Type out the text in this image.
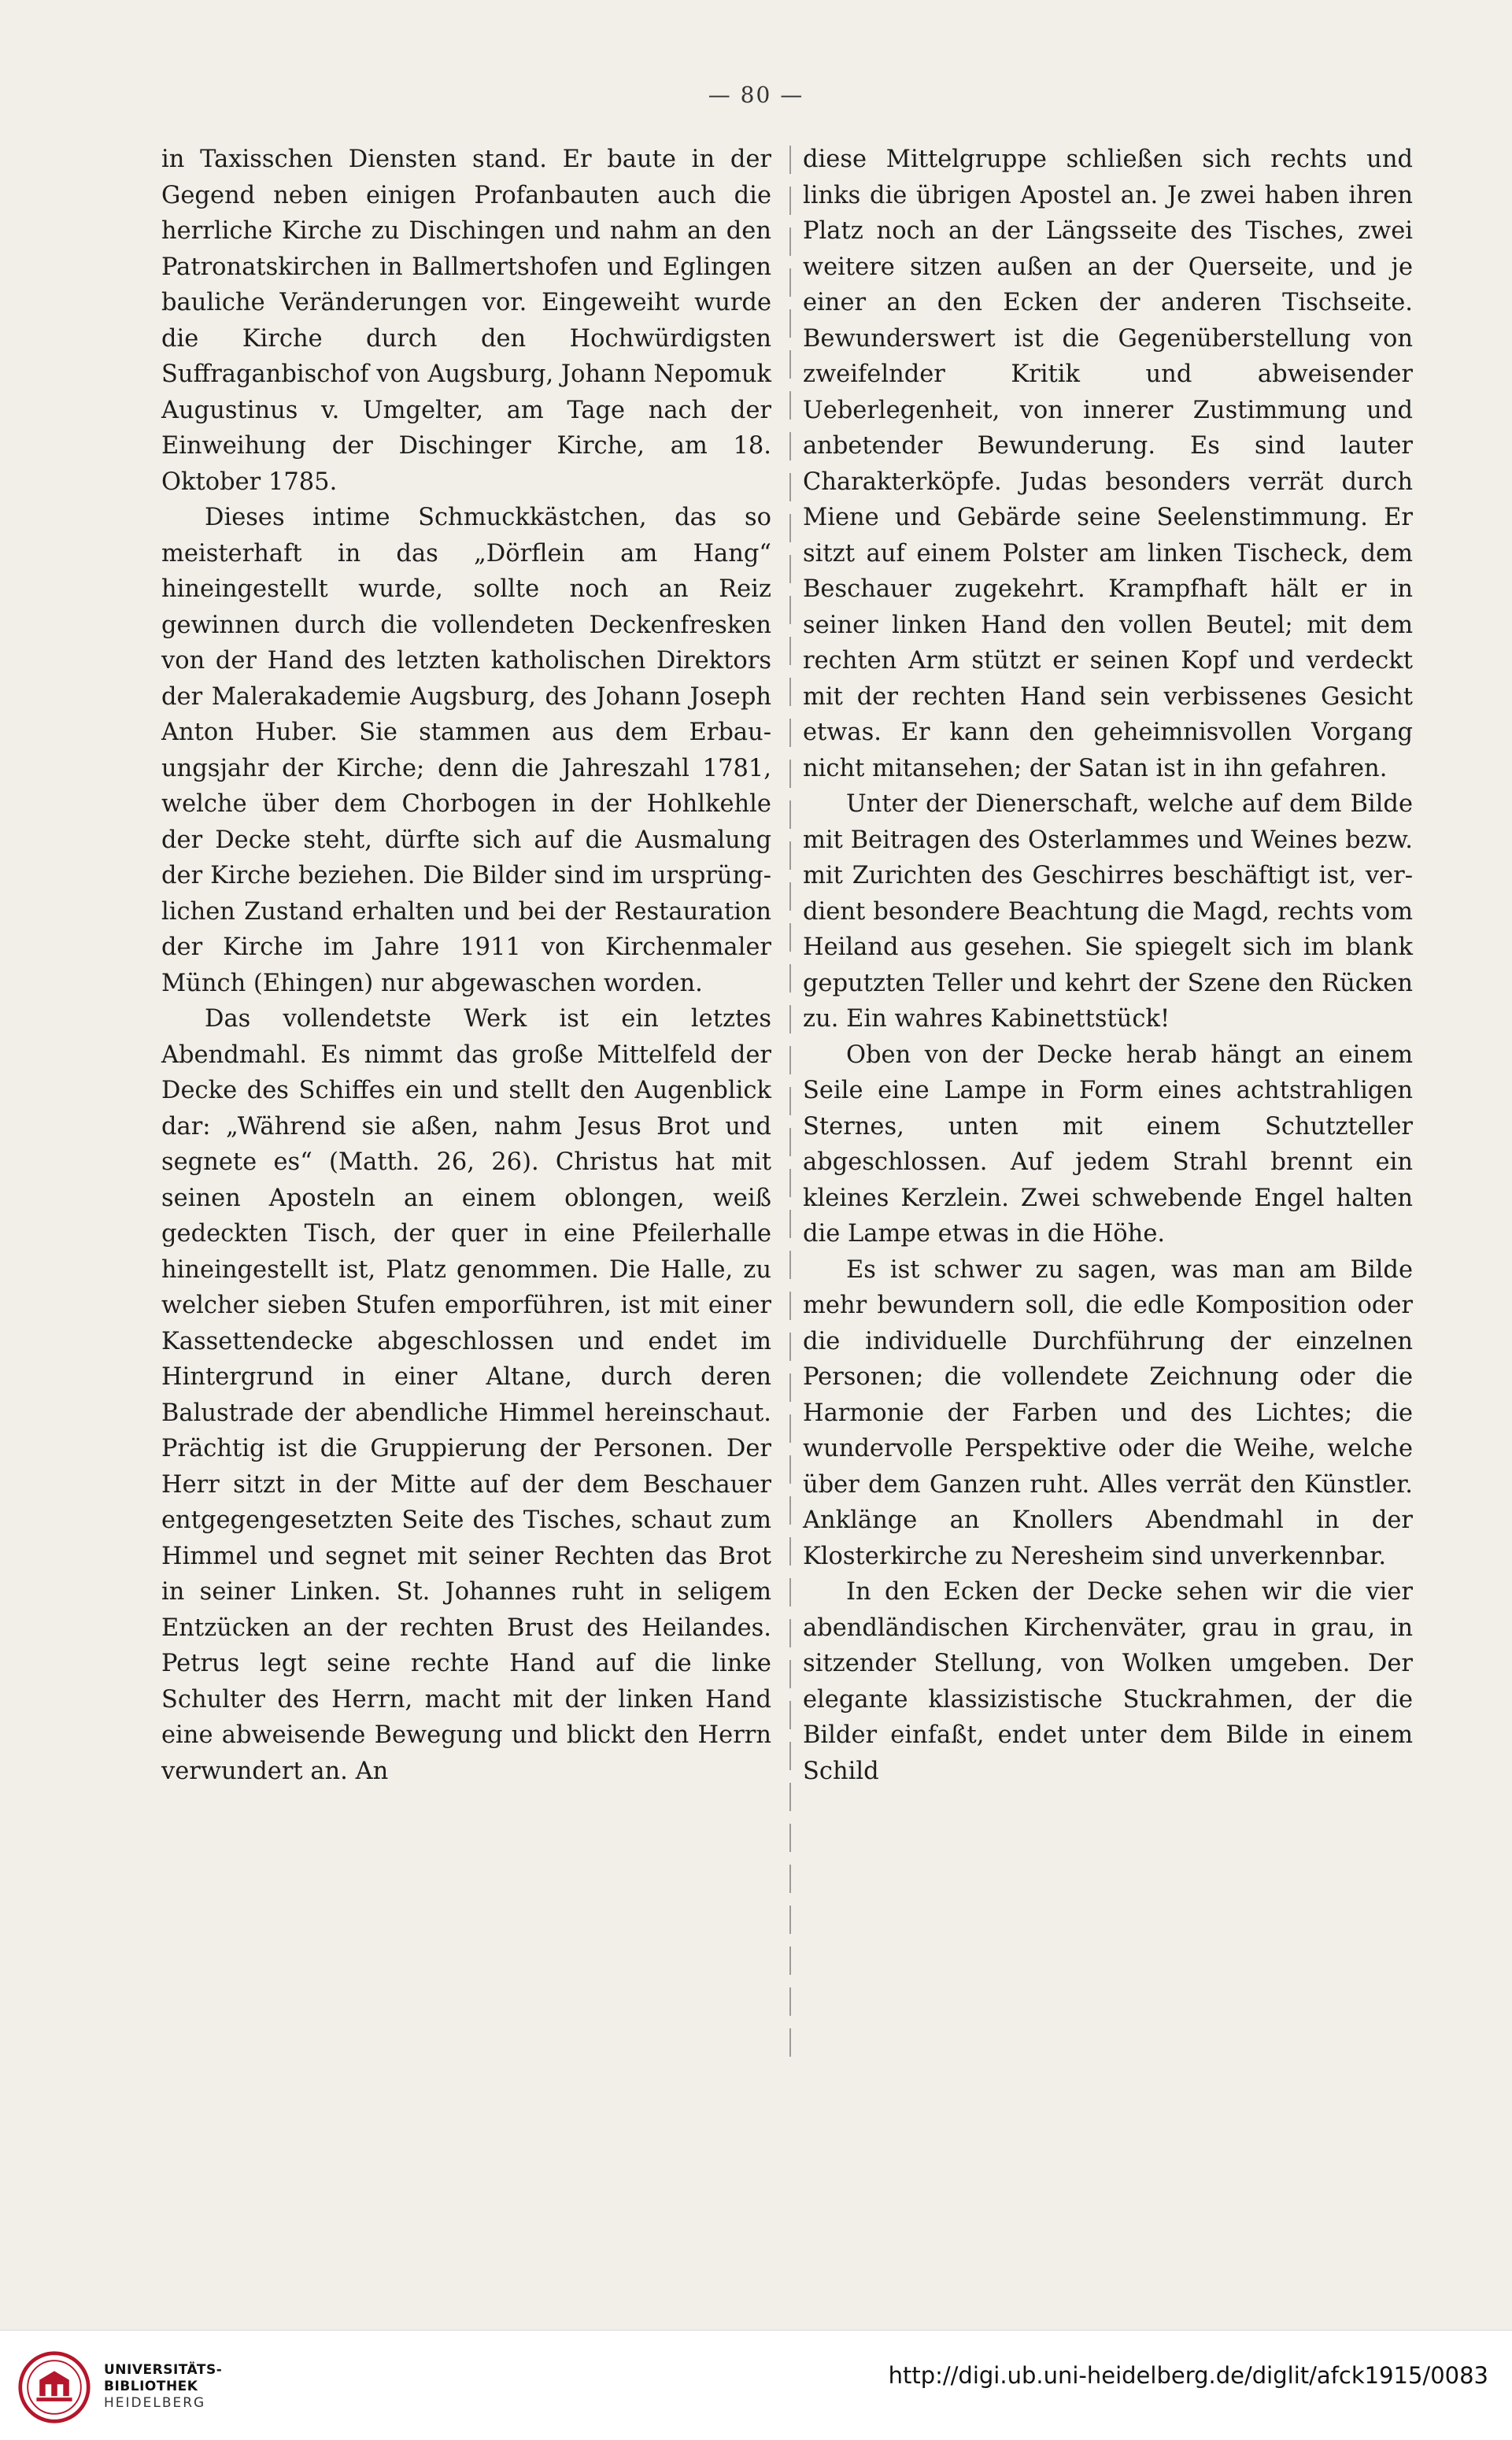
— 80 —

in Taxisschen Diensten stand. Er baute in der Gegend neben einigen Profanbauten auch die herrliche Kirche zu Dischingen und nahm an den Patronatskirchen in Ballmertshofen und Eglingen bauliche Veränderungen vor. Eingeweiht wurde die Kirche durch den Hochwürdigsten Suffraganbischof von Augsburg, Johann Nepomuk Augustinus v. Umgelter, am Tage nach der Einweihung der Dischinger Kirche, am 18. Oktober 1785.

Dieses intime Schmuckkästchen, das so meisterhaft in das „Dörflein am Hang“ hineingestellt wurde, sollte noch an Reiz gewinnen durch die vollendeten Deckenfresken von der Hand des letzten katholischen Direktors der Malerakademie Augsburg, des Johann Joseph Anton Huber. Sie stammen aus dem Erbauungsjahr der Kirche; denn die Jahreszahl 1781, welche über dem Chorbogen in der Hohlkehle der Decke steht, dürfte sich auf die Ausmalung der Kirche beziehen. Die Bilder sind im ursprünglichen Zustand erhalten und bei der Restauration der Kirche im Jahre 1911 von Kirchenmaler Münch (Ehingen) nur abgewaschen worden.

Das vollendetste Werk ist ein letztes Abendmahl. Es nimmt das große Mittelfeld der Decke des Schiffes ein und stellt den Augenblick dar: „Während sie aßen, nahm Jesus Brot und segnete es“ (Matth. 26, 26). Christus hat mit seinen Aposteln an einem oblongen, weiß gedeckten Tisch, der quer in eine Pfeilerhalle hineingestellt ist, Platz genommen. Die Halle, zu welcher sieben Stufen emporführen, ist mit einer Kassettendecke abgeschlossen und endet im Hintergrund in einer Altane, durch deren Balustrade der abendliche Himmel hereinschaut. Prächtig ist die Gruppierung der Personen. Der Herr sitzt in der Mitte auf der dem Beschauer entgegengesetzten Seite des Tisches, schaut zum Himmel und segnet mit seiner Rechten das Brot in seiner Linken. St. Johannes ruht in seligem Entzücken an der rechten Brust des Heilandes. Petrus legt seine rechte Hand auf die linke Schulter des Herrn, macht mit der linken Hand eine abweisende Bewegung und blickt den Herrn verwundert an. An

diese Mittelgruppe schließen sich rechts und links die übrigen Apostel an. Je zwei haben ihren Platz noch an der Längsseite des Tisches, zwei weitere sitzen außen an der Querseite, und je einer an den Ecken der anderen Tischseite. Bewunderswert ist die Gegenüberstellung von zweifelnder Kritik und abweisender Ueberlegenheit, von innerer Zustimmung und anbetender Bewunderung. Es sind lauter Charakterköpfe. Judas besonders verrät durch Miene und Gebärde seine Seelenstimmung. Er sitzt auf einem Polster am linken Tischeck, dem Beschauer zugekehrt. Krampfhaft hält er in seiner linken Hand den vollen Beutel; mit dem rechten Arm stützt er seinen Kopf und verdeckt mit der rechten Hand sein verbissenes Gesicht etwas. Er kann den geheimnisvollen Vorgang nicht mitansehen; der Satan ist in ihn gefahren.

Unter der Dienerschaft, welche auf dem Bilde mit Beitragen des Osterlammes und Weines bezw. mit Zurichten des Geschirres beschäftigt ist, verdient besondere Beachtung die Magd, rechts vom Heiland aus gesehen. Sie spiegelt sich im blank geputzten Teller und kehrt der Szene den Rücken zu. Ein wahres Kabinettstück!

Oben von der Decke herab hängt an einem Seile eine Lampe in Form eines achtstrahligen Sternes, unten mit einem Schutzteller abgeschlossen. Auf jedem Strahl brennt ein kleines Kerzlein. Zwei schwebende Engel halten die Lampe etwas in die Höhe.

Es ist schwer zu sagen, was man am Bilde mehr bewundern soll, die edle Komposition oder die individuelle Durchführung der einzelnen Personen; die vollendete Zeichnung oder die Harmonie der Farben und des Lichtes; die wundervolle Perspektive oder die Weihe, welche über dem Ganzen ruht. Alles verrät den Künstler. Anklänge an Knollers Abendmahl in der Klosterkirche zu Neresheim sind unverkennbar.

In den Ecken der Decke sehen wir die vier abendländischen Kirchenväter, grau in grau, in sitzender Stellung, von Wolken umgeben. Der elegante klassizistische Stuckrahmen, der die Bilder einfaßt, endet unter dem Bilde in einem Schild

UNIVERSITÄTS-
BIBLIOTHEK
HEIDELBERG
http://digi.ub.uni-heidelberg.de/diglit/afck1915/0083
